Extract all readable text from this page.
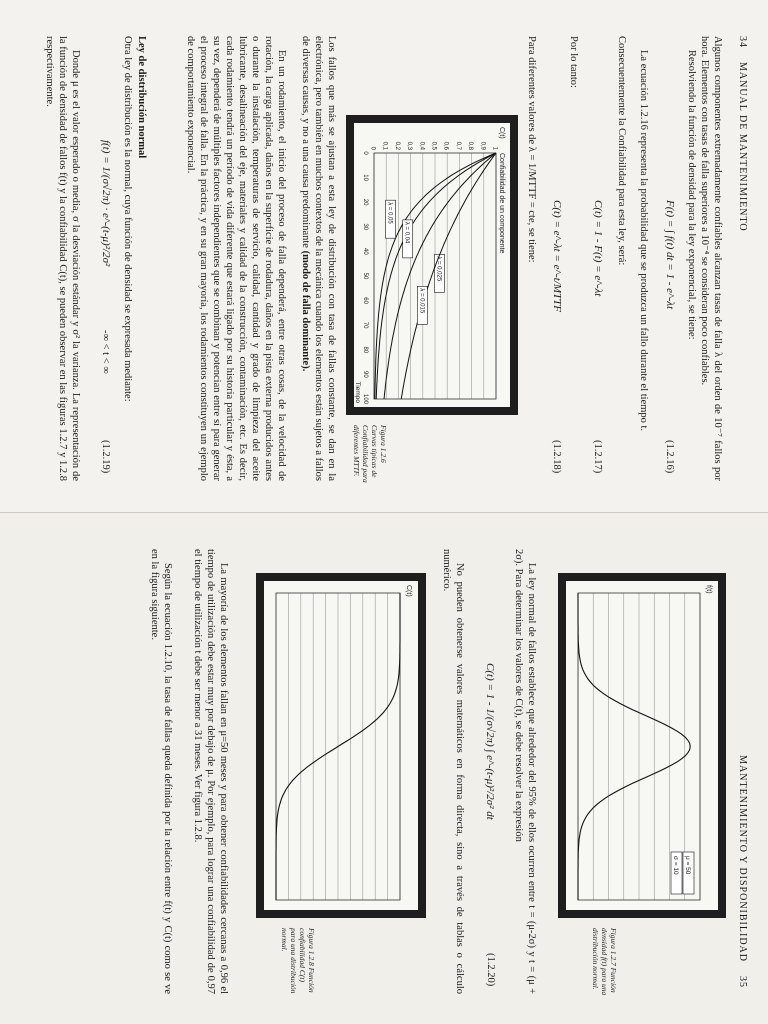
34    MANUAL DE MANTENIMIENTO
Algunos componentes extremadamente confiables alcanzan tasas de falla λ del orden de 10⁻⁷ fallos por hora. Elementos con tasas de falla superiores a 10⁻⁴ se consideran poco confiables.
Resolviendo la función de densidad para la ley exponencial, se tiene:
F(t) = ∫ f(t) dt = 1 - e^-λt
(1.2.16)
La ecuación 1.2.16 representa la probabilidad que se produzca un fallo durante el tiempo t.
Consecuentemente la Confiabilidad para esta ley, será:
C(t) = 1 - F(t) = e^-λt
(1.2.17)
Por lo tanto:
C(t) = e^-λt = e^-t/MTTF
(1.2.18)
Para diferentes valores de λ = 1/MTTF = cte, se tiene:
Confiabilidad de un componente
C(t)
Tiempo
0 0,1 0,2 0,3 0,4 0,5 0,6 0,7 0,8 0,9 1
0
10
20
30
40
50
60
70
80
90
100
λ = 0,05
λ = 0,04
λ = 0,025
λ = 0,015
Figura 1.2.6 Curvas típicas de Confiabilidad para diferentes MTTF.
Los fallos que más se ajustan a esta ley de distribución con tasa de fallas constante, se dan en la electrónica, pero también en muchos contextos de la mecánica cuando los elementos están sujetos a fallos de diversas causas, y no a una causa predominante (modo de falla dominante).
En un rodamiento, el inicio del proceso de falla dependerá, entre otras cosas, de la velocidad de rotación, la carga aplicada, daños en la superficie de rodadura, daños en la pista externa producidos antes o durante la instalación, temperaturas de servicio, calidad, cantidad y grado de limpieza del aceite lubricante, desalineación del eje, materiales y calidad de la construcción, contaminación, etc. Es decir, cada rodamiento tendrá un período de vida diferente que estará ligado por su historia particular y ésta, a su vez, dependerá de múltiples factores independientes que se combinan y potencian entre sí para generar el proceso integral de falla. En la práctica, y en su gran mayoría, los rodamientos constituyen un ejemplo de comportamiento exponencial.
Ley de distribución normal
Otra ley de distribución es la normal, cuya función de densidad se expresada mediante:
f(t) = 1/(σ√2π) · e^-(t-μ)²/2σ²
-∞ < t < ∞
(1.2.19)
Donde μ es el valor esperado o media, σ la desviación estándar y σ² la varianza. La representación de la función de densidad de fallos f(t) y la confiabilidad C(t), se pueden observar en las figuras 1.2.7 y 1.2.8 respectivamente.
MANTENIMIENTO Y DISPONIBILIDAD    35
f(t)
μ = 50
σ = 10
Figura 1.2.7 Función densidad f(t) para una distribución normal.
La ley normal de fallos establece que alrededor del 95% de ellos ocurren entre t = (μ-2σ) y t = (μ + 2σ). Para determinar los valores de C(t), se debe resolver la expresión
C(t) = 1 - 1/(σ√2π) ∫ e^-(t-μ)²/2σ² dt
(1.2.20)
No pueden obtenerse valores matemáticos en forma directa, sino a través de tablas o cálculo numérico.
C(t)
Figura 1.2.8 Función confiabilidad C(t) para una distribución normal.
La mayoría de los elementos fallan en μ=50 meses y para obtener confiabilidades cercanas a 0,96 el tiempo de utilización debe estar muy por debajo de μ. Por ejemplo, para lograr una confiabilidad de 0,97 el tiempo de utilización t debe ser menor a 31 meses. Ver figura 1.2.8.
Según la ecuación 1.2.10, la tasa de fallas queda definida por la relación entre f(t) y C(t) como se ve en la figura siguiente.
